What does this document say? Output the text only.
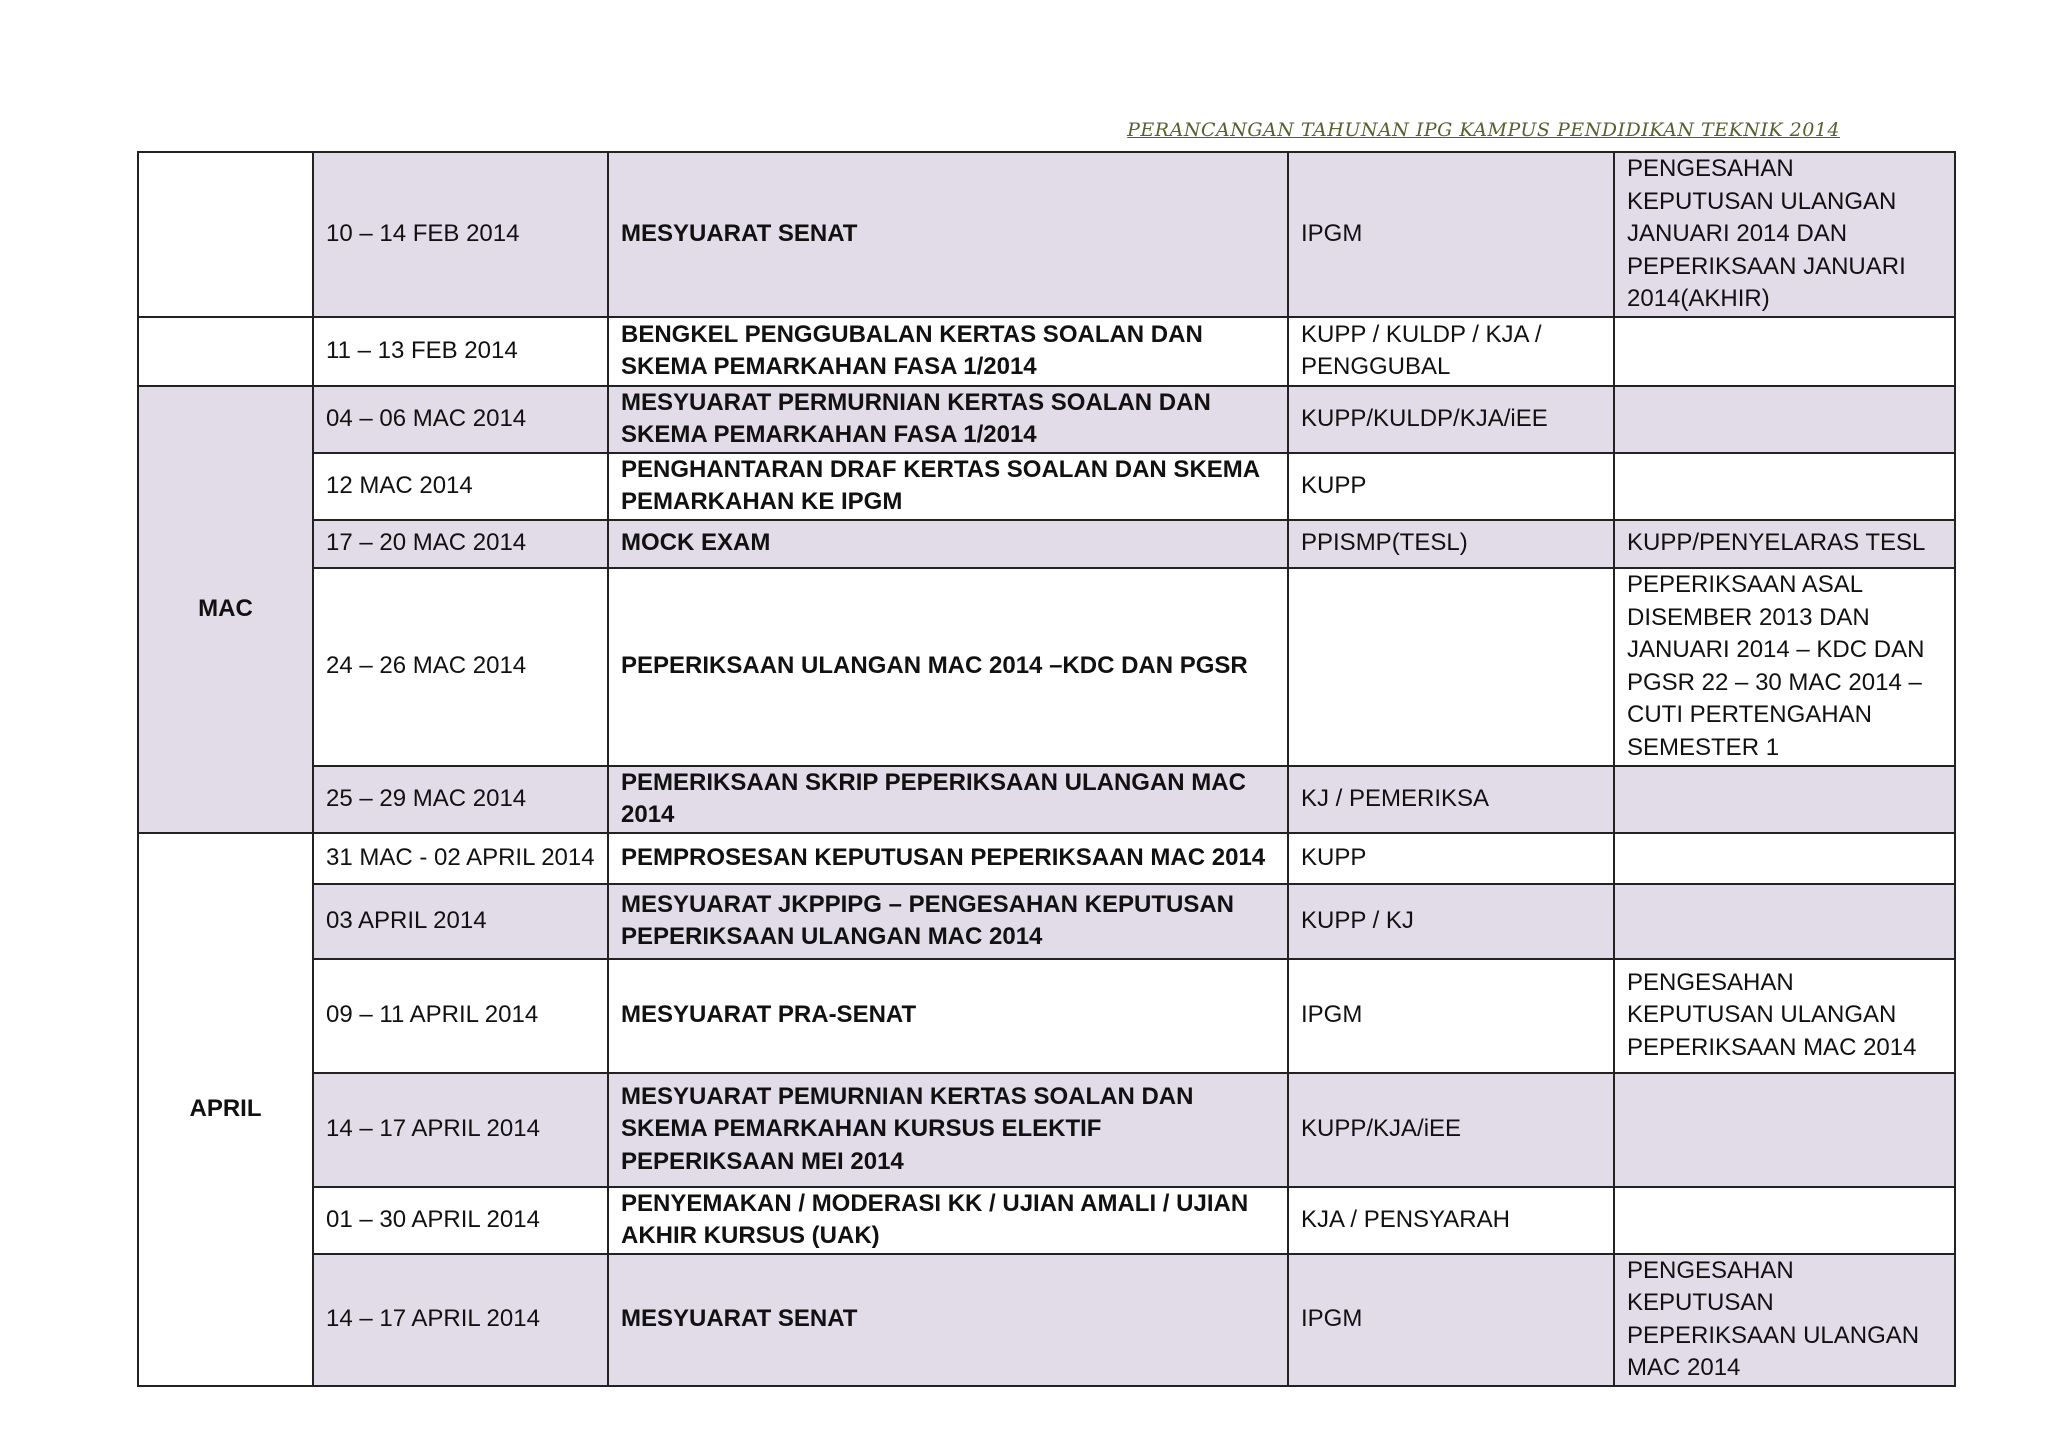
PERANCANGAN TAHUNAN IPG KAMPUS PENDIDIKAN TEKNIK 2014
	10 – 14 FEB 2014	MESYUARAT SENAT	IPGM	PENGESAHAN KEPUTUSAN ULANGAN JANUARI 2014 DAN PEPERIKSAAN JANUARI 2014(AKHIR)
	11 – 13 FEB 2014	BENGKEL PENGGUBALAN KERTAS SOALAN DAN SKEMA PEMARKAHAN FASA 1/2014	KUPP / KULDP / KJA / PENGGUBAL	
MAC	04 – 06 MAC 2014	MESYUARAT PERMURNIAN KERTAS SOALAN DAN SKEMA PEMARKAHAN FASA 1/2014	KUPP/KULDP/KJA/iEE	
	12 MAC 2014	PENGHANTARAN DRAF KERTAS SOALAN DAN SKEMA PEMARKAHAN KE IPGM	KUPP	
	17 – 20 MAC 2014	MOCK EXAM	PPISMP(TESL)	KUPP/PENYELARAS TESL
	24 – 26 MAC 2014	PEPERIKSAAN ULANGAN MAC 2014 –KDC DAN PGSR		PEPERIKSAAN ASAL DISEMBER 2013 DAN JANUARI 2014 – KDC DAN PGSR 22 – 30 MAC 2014 – CUTI PERTENGAHAN SEMESTER 1
	25 – 29 MAC 2014	PEMERIKSAAN SKRIP PEPERIKSAAN ULANGAN MAC 2014	KJ / PEMERIKSA	
APRIL	31 MAC - 02 APRIL 2014	PEMPROSESAN KEPUTUSAN PEPERIKSAAN MAC 2014	KUPP	
	03 APRIL 2014	MESYUARAT JKPPIPG – PENGESAHAN KEPUTUSAN PEPERIKSAAN ULANGAN MAC 2014	KUPP / KJ	
	09 – 11 APRIL 2014	MESYUARAT PRA-SENAT	IPGM	PENGESAHAN KEPUTUSAN ULANGAN PEPERIKSAAN MAC 2014
	14 – 17 APRIL 2014	MESYUARAT PEMURNIAN KERTAS SOALAN DAN SKEMA PEMARKAHAN KURSUS ELEKTIF PEPERIKSAAN MEI 2014	KUPP/KJA/iEE	
	01 – 30 APRIL 2014	PENYEMAKAN / MODERASI KK / UJIAN AMALI / UJIAN AKHIR KURSUS (UAK)	KJA / PENSYARAH	
	14 – 17 APRIL 2014	MESYUARAT SENAT	IPGM	PENGESAHAN KEPUTUSAN PEPERIKSAAN ULANGAN MAC 2014
